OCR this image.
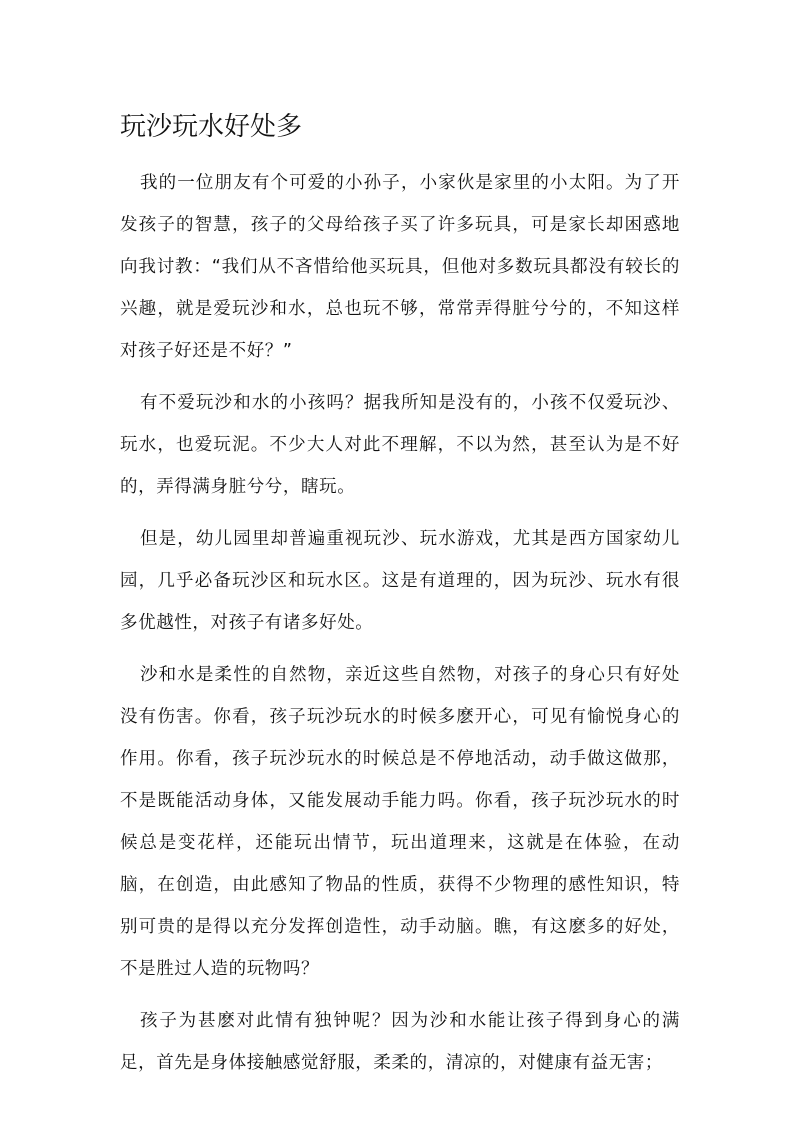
玩沙玩水好处多

我的一位朋友有个可爱的小孙子，小家伙是家里的小太阳。为了开发孩子的智慧，孩子的父母给孩子买了许多玩具，可是家长却困惑地向我讨教：“我们从不吝惜给他买玩具，但他对多数玩具都没有较长的兴趣，就是爱玩沙和水，总也玩不够，常常弄得脏兮兮的，不知这样对孩子好还是不好？”

有不爱玩沙和水的小孩吗？据我所知是没有的，小孩不仅爱玩沙、玩水，也爱玩泥。不少大人对此不理解，不以为然，甚至认为是不好的，弄得满身脏兮兮，瞎玩。

但是，幼儿园里却普遍重视玩沙、玩水游戏，尤其是西方国家幼儿园，几乎必备玩沙区和玩水区。这是有道理的，因为玩沙、玩水有很多优越性，对孩子有诸多好处。

沙和水是柔性的自然物，亲近这些自然物，对孩子的身心只有好处没有伤害。你看，孩子玩沙玩水的时候多麽开心，可见有愉悦身心的作用。你看，孩子玩沙玩水的时候总是不停地活动，动手做这做那，不是既能活动身体，又能发展动手能力吗。你看，孩子玩沙玩水的时候总是变花样，还能玩出情节，玩出道理来，这就是在体验，在动脑，在创造，由此感知了物品的性质，获得不少物理的感性知识，特别可贵的是得以充分发挥创造性，动手动脑。瞧，有这麽多的好处，不是胜过人造的玩物吗？

孩子为甚麽对此情有独钟呢？因为沙和水能让孩子得到身心的满足，首先是身体接触感觉舒服，柔柔的，清凉的，对健康有益无害；
